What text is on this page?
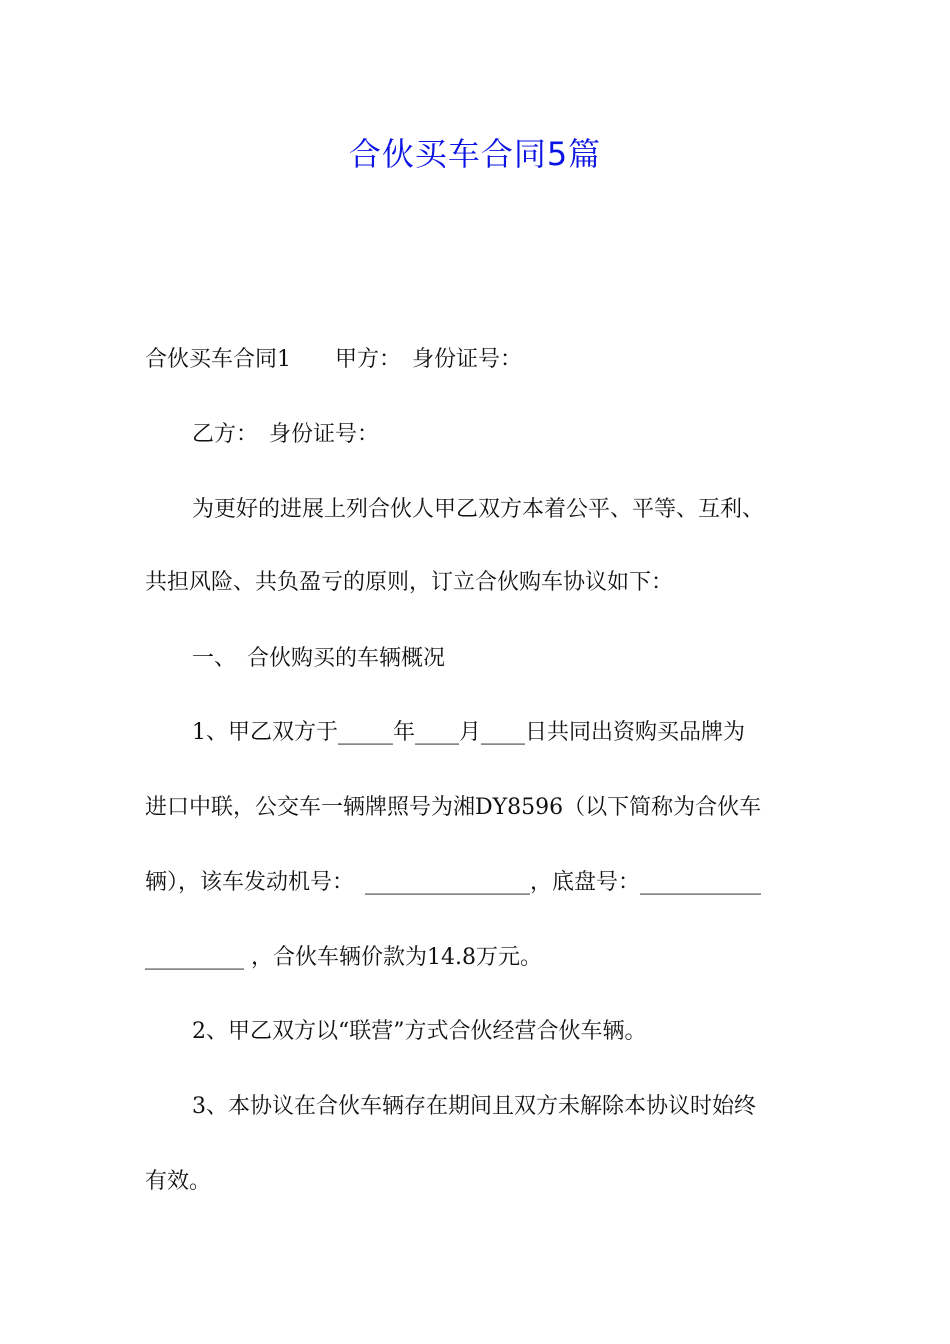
合伙买车合同5篇
合伙买车合同1　　甲方：　身份证号：
乙方：　身份证号：
为更好的进展上列合伙人甲乙双方本着公平、平等、互利、
共担风险、共负盈亏的原则，订立合伙购车协议如下：
一、　合伙购买的车辆概况
1、甲乙双方于_____年____月____日共同出资购买品牌为
进口中联，公交车一辆牌照号为湘DY8596（以下简称为合伙车
辆），该车发动机号：　_______________，底盘号：___________
_________ ，合伙车辆价款为14.8万元。
2、甲乙双方以“联营”方式合伙经营合伙车辆。
3、本协议在合伙车辆存在期间且双方未解除本协议时始终
有效。
